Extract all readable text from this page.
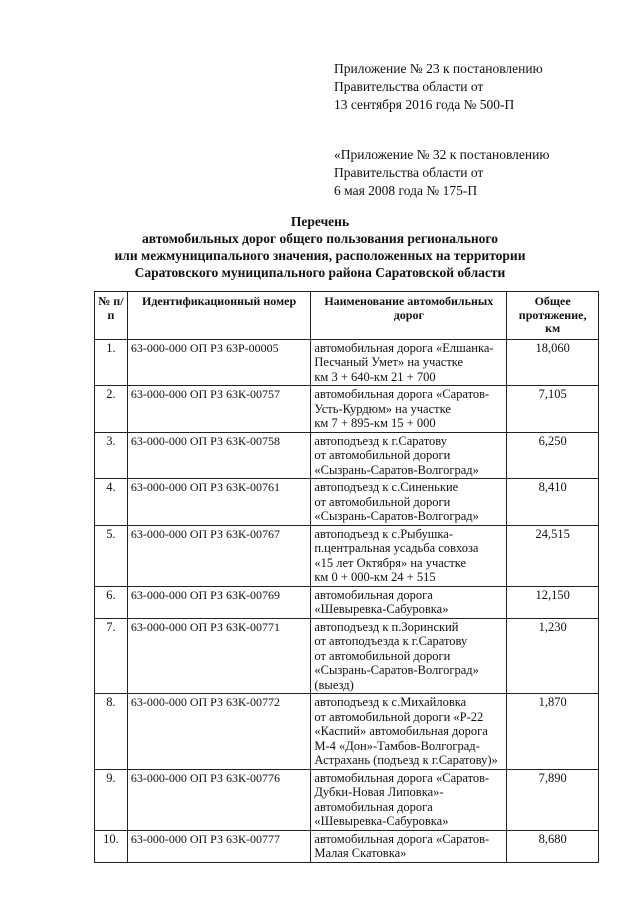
Приложение № 23 к постановлению
Правительства области от
13 сентября 2016 года № 500-П
«Приложение № 32 к постановлению
Правительства области от
6 мая 2008 года № 175-П
Перечень
автомобильных дорог общего пользования регионального
или межмуниципального значения, расположенных на территории
Саратовского муниципального района Саратовской области
№ п/п	Идентификационный номер	Наименование автомобильных дорог	Общее протяжение, км
1.	63-000-000 ОП РЗ 63Р-00005	автомобильная дорога «Елшанка-
Песчаный Умет» на участке
км 3 + 640-км 21 + 700	18,060
2.	63-000-000 ОП РЗ 63К-00757	автомобильная дорога «Саратов-
Усть-Курдюм» на участке
км 7 + 895-км 15 + 000	7,105
3.	63-000-000 ОП РЗ 63К-00758	автоподъезд к г.Саратову
от автомобильной дороги
«Сызрань-Саратов-Волгоград»	6,250
4.	63-000-000 ОП РЗ 63К-00761	автоподъезд к с.Синенькие
от автомобильной дороги
«Сызрань-Саратов-Волгоград»	8,410
5.	63-000-000 ОП РЗ 63К-00767	автоподъезд к с.Рыбушка-
п.центральная усадьба совхоза
«15 лет Октября» на участке
км 0 + 000-км 24 + 515	24,515
6.	63-000-000 ОП РЗ 63К-00769	автомобильная дорога
«Шевыревка-Сабуровка»	12,150
7.	63-000-000 ОП РЗ 63К-00771	автоподъезд к п.Зоринский
от автоподъезда к г.Саратову
от автомобильной дороги
«Сызрань-Саратов-Волгоград»
(выезд)	1,230
8.	63-000-000 ОП РЗ 63К-00772	автоподъезд к с.Михайловка
от автомобильной дороги «Р-22
«Каспий» автомобильная дорога
М-4 «Дон»-Тамбов-Волгоград-
Астрахань (подъезд к г.Саратову)»	1,870
9.	63-000-000 ОП РЗ 63К-00776	автомобильная дорога «Саратов-
Дубки-Новая Липовка»-
автомобильная дорога
«Шевыревка-Сабуровка»	7,890
10.	63-000-000 ОП РЗ 63К-00777	автомобильная дорога «Саратов-
Малая Скатовка»	8,680
